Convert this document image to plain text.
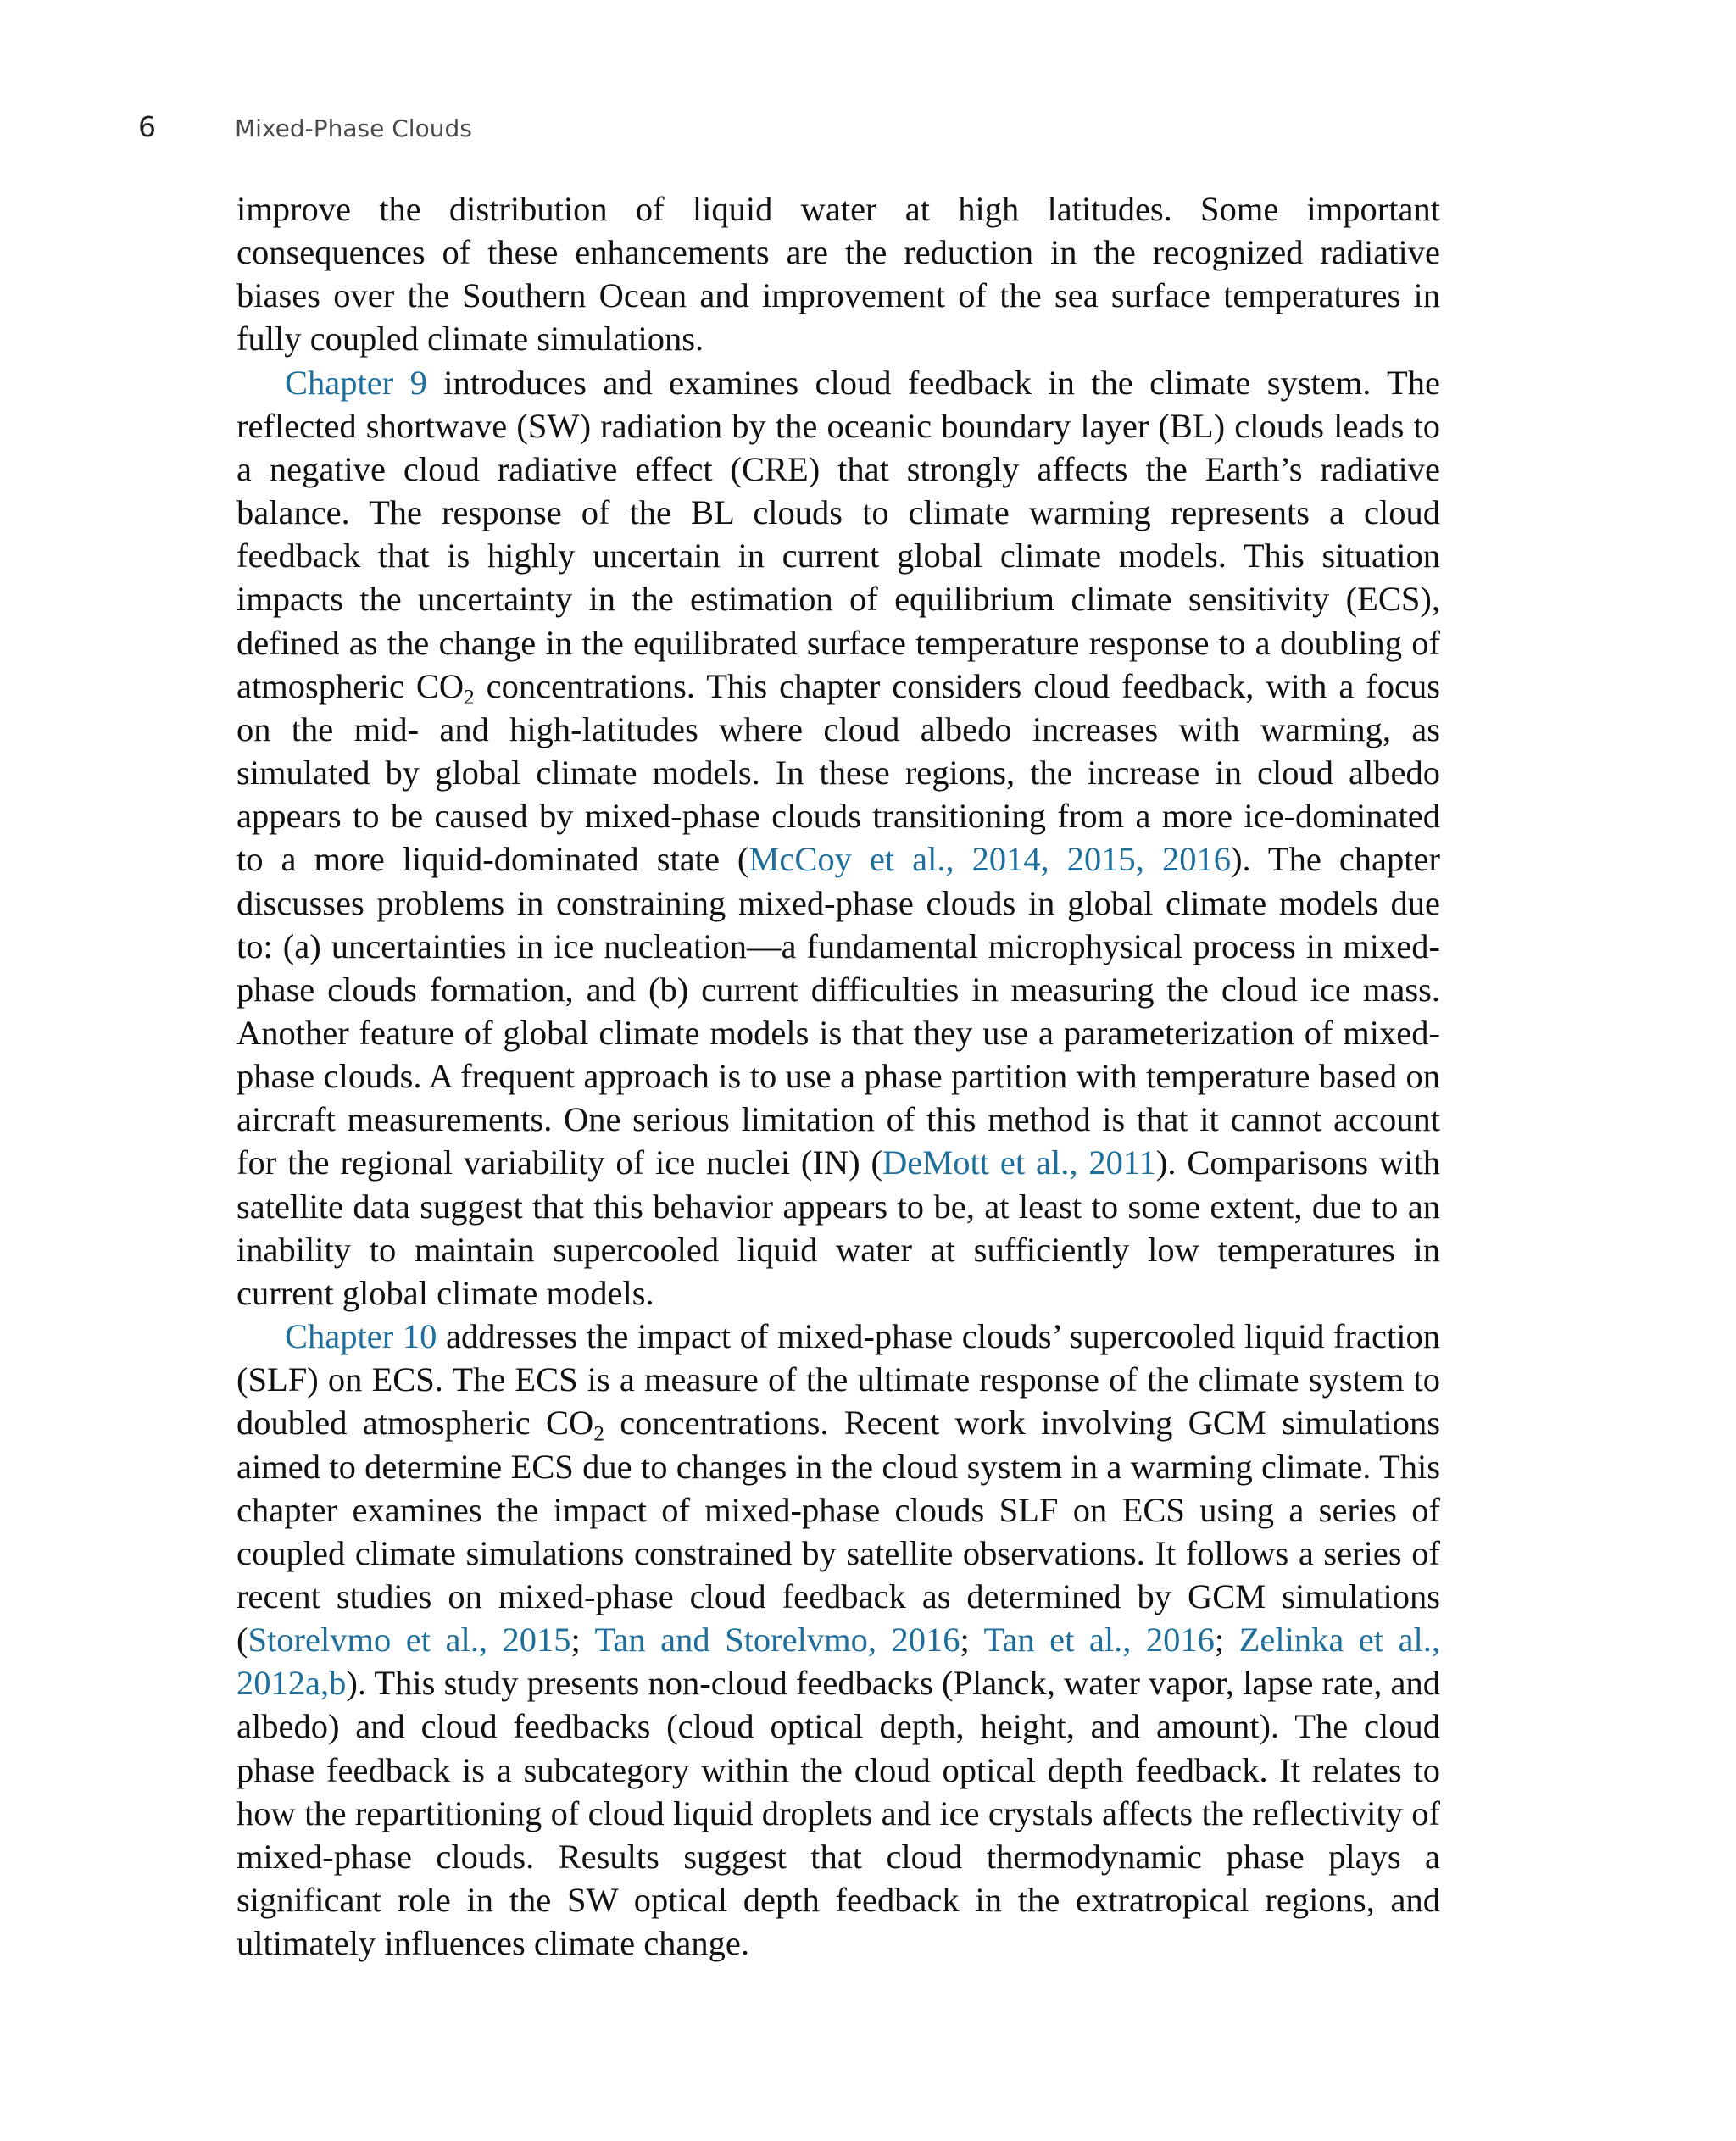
6	Mixed-Phase Clouds

improve the distribution of liquid water at high latitudes. Some important consequences of these enhancements are the reduction in the recognized radiative biases over the Southern Ocean and improvement of the sea surface temperatures in fully coupled climate simulations.

Chapter 9 introduces and examines cloud feedback in the climate system. The reflected shortwave (SW) radiation by the oceanic boundary layer (BL) clouds leads to a negative cloud radiative effect (CRE) that strongly affects the Earth’s radiative balance. The response of the BL clouds to climate warming represents a cloud feedback that is highly uncertain in current global climate models. This situation impacts the uncertainty in the estimation of equilibrium climate sensitivity (ECS), defined as the change in the equilibrated surface temperature response to a doubling of atmospheric $CO_2$ concentrations. This chapter considers cloud feedback, with a focus on the mid- and high-latitudes where cloud albedo increases with warming, as simulated by global climate models. In these regions, the increase in cloud albedo appears to be caused by mixed-phase clouds transitioning from a more ice-dominated to a more liquid-dominated state (McCoy et al., 2014, 2015, 2016). The chapter discusses problems in constraining mixed-phase clouds in global climate models due to: (a) uncertainties in ice nucleation—a fundamental microphysical process in mixed-phase clouds formation, and (b) current difficulties in measuring the cloud ice mass. Another feature of global climate models is that they use a parameterization of mixed-phase clouds. A frequent approach is to use a phase partition with temperature based on aircraft measurements. One serious limitation of this method is that it cannot account for the regional variability of ice nuclei (IN) (DeMott et al., 2011). Comparisons with satellite data suggest that this behavior appears to be, at least to some extent, due to an inability to maintain supercooled liquid water at sufficiently low temperatures in current global climate models.

Chapter 10 addresses the impact of mixed-phase clouds’ supercooled liquid fraction (SLF) on ECS. The ECS is a measure of the ultimate response of the climate system to doubled atmospheric $CO_2$ concentrations. Recent work involving GCM simulations aimed to determine ECS due to changes in the cloud system in a warming climate. This chapter examines the impact of mixed-phase clouds SLF on ECS using a series of coupled climate simulations constrained by satellite observations. It follows a series of recent studies on mixed-phase cloud feedback as determined by GCM simulations (Storelvmo et al., 2015; Tan and Storelvmo, 2016; Tan et al., 2016; Zelinka et al., 2012a,b). This study presents non-cloud feedbacks (Planck, water vapor, lapse rate, and albedo) and cloud feedbacks (cloud optical depth, height, and amount). The cloud phase feedback is a subcategory within the cloud optical depth feedback. It relates to how the repartitioning of cloud liquid droplets and ice crystals affects the reflectivity of mixed-phase clouds. Results suggest that cloud thermodynamic phase plays a significant role in the SW optical depth feedback in the extratropical regions, and ultimately influences climate change.
